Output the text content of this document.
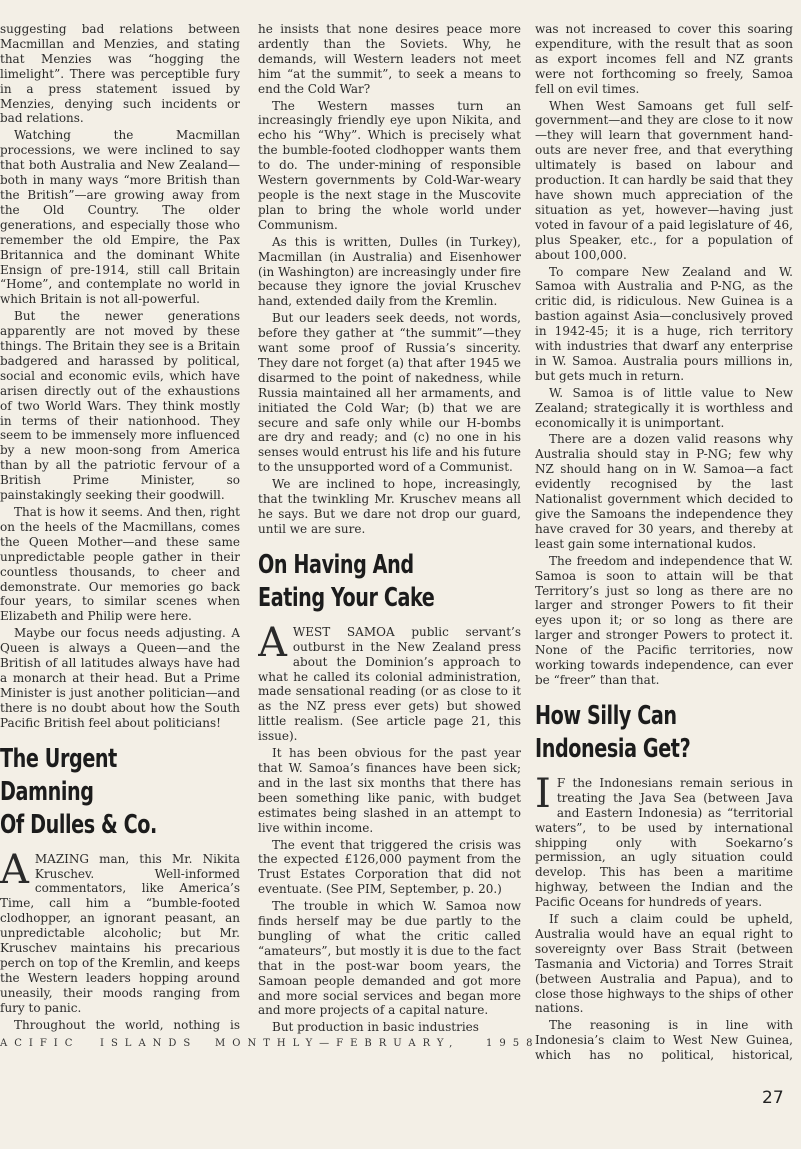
suggesting bad relations between Macmillan and Menzies, and stating that Menzies was “hogging the limelight”. There was perceptible fury in a press statement issued by Menzies, denying such incidents or bad relations.

Watching the Macmillan processions, we were inclined to say that both Australia and New Zealand—both in many ways “more British than the British”—are growing away from the Old Country. The older generations, and especially those who remember the old Empire, the Pax Britannica and the dominant White Ensign of pre-1914, still call Britain “Home”, and contemplate no world in which Britain is not all-powerful.

But the newer generations apparently are not moved by these things. The Britain they see is a Britain badgered and harassed by political, social and economic evils, which have arisen directly out of the exhaustions of two World Wars. They think mostly in terms of their nationhood. They seem to be immensely more influenced by a new moon-song from America than by all the patriotic fervour of a British Prime Minister, so painstakingly seeking their goodwill.

That is how it seems. And then, right on the heels of the Macmillans, comes the Queen Mother—and these same unpredictable people gather in their countless thousands, to cheer and demonstrate. Our memories go back four years, to similar scenes when Elizabeth and Philip were here.

Maybe our focus needs adjusting. A Queen is always a Queen—and the British of all latitudes always have had a monarch at their head. But a Prime Minister is just another politician—and there is no doubt about how the South Pacific British feel about politicians!

The Urgent Damning
Of Dulles & Co.

AMAZING man, this Mr. Nikita Kruschev. Well-informed commentators, like America’s Time, call him a “bumble-footed clodhopper, an ignorant peasant, an unpredictable alcoholic; but Mr. Kruschev maintains his precarious perch on top of the Kremlin, and keeps the Western leaders hopping around uneasily, their moods ranging from fury to panic.

Throughout the world, nothing is

he insists that none desires peace more ardently than the Soviets. Why, he demands, will Western leaders not meet him “at the summit”, to seek a means to end the Cold War?

The Western masses turn an increasingly friendly eye upon Nikita, and echo his “Why”. Which is precisely what the bumble-footed clodhopper wants them to do. The under-mining of responsible Western governments by Cold-War-weary people is the next stage in the Muscovite plan to bring the whole world under Communism.

As this is written, Dulles (in Turkey), Macmillan (in Australia) and Eisenhower (in Washington) are increasingly under fire because they ignore the jovial Kruschev hand, extended daily from the Kremlin.

But our leaders seek deeds, not words, before they gather at “the summit”—they want some proof of Russia’s sincerity. They dare not forget (a) that after 1945 we disarmed to the point of nakedness, while Russia maintained all her armaments, and initiated the Cold War; (b) that we are secure and safe only while our H-bombs are dry and ready; and (c) no one in his senses would entrust his life and his future to the unsupported word of a Communist.

We are inclined to hope, increasingly, that the twinkling Mr. Kruschev means all he says. But we dare not drop our guard, until we are sure.

On Having And
Eating Your Cake

AWEST SAMOA public servant’s outburst in the New Zealand press about the Dominion’s approach to what he called its colonial administration, made sensational reading (or as close to it as the NZ press ever gets) but showed little realism. (See article page 21, this issue).

It has been obvious for the past year that W. Samoa’s finances have been sick; and in the last six months that there has been something like panic, with budget estimates being slashed in an attempt to live within income.

The event that triggered the crisis was the expected £126,000 payment from the Trust Estates Corporation that did not eventuate. (See PIM, September, p. 20.)

The trouble in which W. Samoa now finds herself may be due partly to the bungling of what the critic called “amateurs”, but mostly it is due to the fact that in the post-war boom years, the Samoan people demanded and got more and more social services and began more and more projects of a capital nature.

But production in basic industries

was not increased to cover this soaring expenditure, with the result that as soon as export incomes fell and NZ grants were not forthcoming so freely, Samoa fell on evil times.

When West Samoans get full self-government—and they are close to it now—they will learn that government hand-outs are never free, and that everything ultimately is based on labour and production. It can hardly be said that they have shown much appreciation of the situation as yet, however—having just voted in favour of a paid legislature of 46, plus Speaker, etc., for a population of about 100,000.

To compare New Zealand and W. Samoa with Australia and P-NG, as the critic did, is ridiculous. New Guinea is a bastion against Asia—conclusively proved in 1942-45; it is a huge, rich territory with industries that dwarf any enterprise in W. Samoa. Australia pours millions in, but gets much in return.

W. Samoa is of little value to New Zealand; strategically it is worthless and economically it is unimportant.

There are a dozen valid reasons why Australia should stay in P-NG; few why NZ should hang on in W. Samoa—a fact evidently recognised by the last Nationalist government which decided to give the Samoans the independence they have craved for 30 years, and thereby at least gain some international kudos.

The freedom and independence that W. Samoa is soon to attain will be that Territory’s just so long as there are no larger and stronger Powers to fit their eyes upon it; or so long as there are larger and stronger Powers to protect it. None of the Pacific territories, now working towards independence, can ever be “freer” than that.

How Silly Can
Indonesia Get?

I F the Indonesians remain serious in treating the Java Sea (between Java and Eastern Indonesia) as “territorial waters”, to be used by international shipping only with Soekarno’s permission, an ugly situation could develop. This has been a maritime highway, between the Indian and the Pacific Oceans for hundreds of years.

If such a claim could be upheld, Australia would have an equal right to sovereignty over Bass Strait (between Tasmania and Victoria) and Torres Strait (between Australia and Papua), and to close those highways to the ships of other nations.

The reasoning is in line with Indonesia’s claim to West New Guinea, which has no political, historical,

ACIFIC ISLANDS MONTHLY—FEBRUARY,	1958
27
